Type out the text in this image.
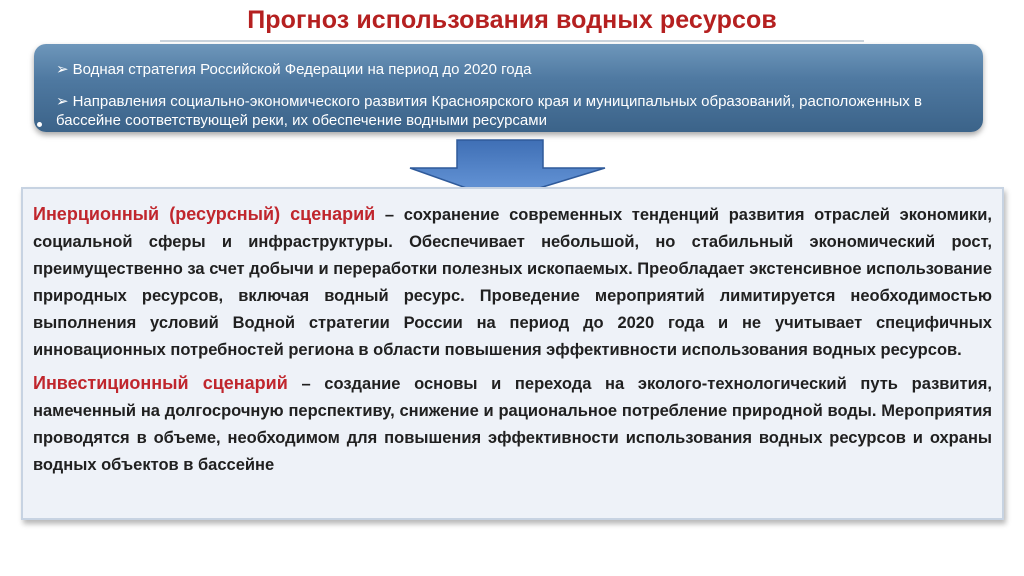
Прогноз использования водных ресурсов
➢ Водная стратегия Российской Федерации на период до 2020 года
➢ Направления социально-экономического развития Красноярского края и муниципальных образований, расположенных в бассейне соответствующей реки, их обеспечение водными ресурсами

Инерционный (ресурсный) сценарий – сохранение современных тенденций развития отраслей экономики, социальной сферы и инфраструктуры. Обеспечивает небольшой, но стабильный экономический рост, преимущественно за счет добычи и переработки полезных ископаемых. Преобладает экстенсивное использование природных ресурсов, включая водный ресурс. Проведение мероприятий лимитируется необходимостью выполнения условий Водной стратегии России на период до 2020 года и не учитывает специфичных инновационных потребностей региона в области повышения эффективности использования водных ресурсов.

Инвестиционный сценарий – создание основы и перехода на эколого-технологический путь развития, намеченный на долгосрочную перспективу, снижение и рациональное потребление природной воды. Мероприятия проводятся в объеме, необходимом для повышения эффективности использования водных ресурсов и охраны водных объектов в бассейне
